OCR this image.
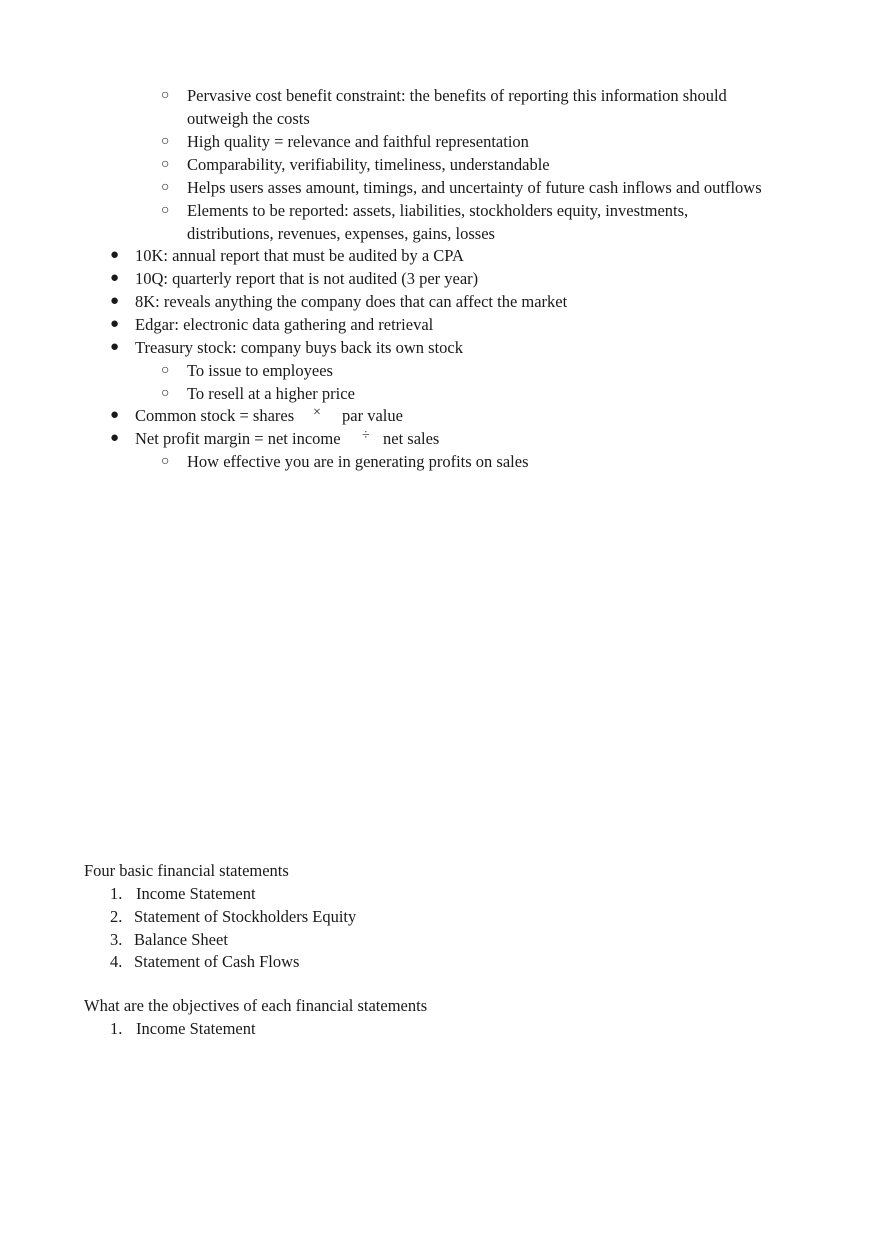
○ Pervasive cost benefit constraint: the benefits of reporting this information should
outweigh the costs
○ High quality = relevance and faithful representation
○ Comparability, verifiability, timeliness, understandable
○ Helps users asses amount, timings, and uncertainty of future cash inflows and outflows
○ Elements to be reported: assets, liabilities, stockholders equity, investments,
distributions, revenues, expenses, gains, losses
● 10K: annual report that must be audited by a CPA
● 10Q: quarterly report that is not audited (3 per year)
● 8K: reveals anything the company does that can affect the market
● Edgar: electronic data gathering and retrieval
● Treasury stock: company buys back its own stock
○ To issue to employees
○ To resell at a higher price
● Common stock = shares × par value
● Net profit margin = net income ÷ net sales
○ How effective you are in generating profits on sales
Four basic financial statements
1. Income Statement
2. Statement of Stockholders Equity
3. Balance Sheet
4. Statement of Cash Flows
What are the objectives of each financial statements
1. Income Statement
